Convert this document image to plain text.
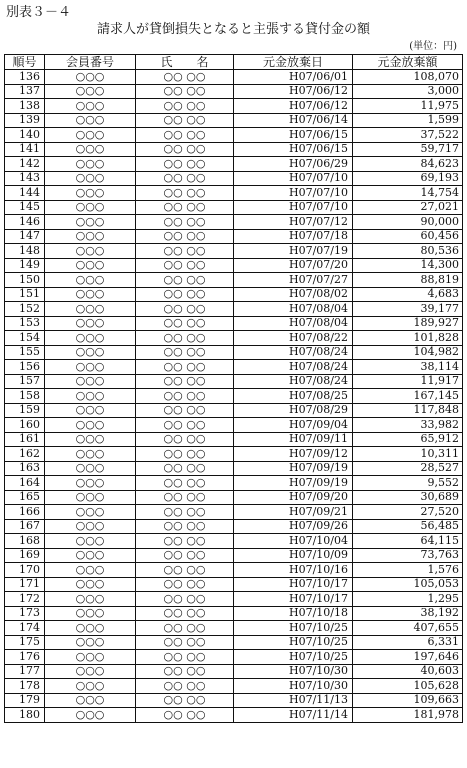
別表３－４
請求人が貸倒損失となると主張する貸付金の額
(単位：円)
順号	会員番号	氏　　名	元金放棄日	元金放棄額
136	○○○	○○ ○○	H07/06/01	108,070
137	○○○	○○ ○○	H07/06/12	3,000
138	○○○	○○ ○○	H07/06/12	11,975
139	○○○	○○ ○○	H07/06/14	1,599
140	○○○	○○ ○○	H07/06/15	37,522
141	○○○	○○ ○○	H07/06/15	59,717
142	○○○	○○ ○○	H07/06/29	84,623
143	○○○	○○ ○○	H07/07/10	69,193
144	○○○	○○ ○○	H07/07/10	14,754
145	○○○	○○ ○○	H07/07/10	27,021
146	○○○	○○ ○○	H07/07/12	90,000
147	○○○	○○ ○○	H07/07/18	60,456
148	○○○	○○ ○○	H07/07/19	80,536
149	○○○	○○ ○○	H07/07/20	14,300
150	○○○	○○ ○○	H07/07/27	88,819
151	○○○	○○ ○○	H07/08/02	4,683
152	○○○	○○ ○○	H07/08/04	39,177
153	○○○	○○ ○○	H07/08/04	189,927
154	○○○	○○ ○○	H07/08/22	101,828
155	○○○	○○ ○○	H07/08/24	104,982
156	○○○	○○ ○○	H07/08/24	38,114
157	○○○	○○ ○○	H07/08/24	11,917
158	○○○	○○ ○○	H07/08/25	167,145
159	○○○	○○ ○○	H07/08/29	117,848
160	○○○	○○ ○○	H07/09/04	33,982
161	○○○	○○ ○○	H07/09/11	65,912
162	○○○	○○ ○○	H07/09/12	10,311
163	○○○	○○ ○○	H07/09/19	28,527
164	○○○	○○ ○○	H07/09/19	9,552
165	○○○	○○ ○○	H07/09/20	30,689
166	○○○	○○ ○○	H07/09/21	27,520
167	○○○	○○ ○○	H07/09/26	56,485
168	○○○	○○ ○○	H07/10/04	64,115
169	○○○	○○ ○○	H07/10/09	73,763
170	○○○	○○ ○○	H07/10/16	1,576
171	○○○	○○ ○○	H07/10/17	105,053
172	○○○	○○ ○○	H07/10/17	1,295
173	○○○	○○ ○○	H07/10/18	38,192
174	○○○	○○ ○○	H07/10/25	407,655
175	○○○	○○ ○○	H07/10/25	6,331
176	○○○	○○ ○○	H07/10/25	197,646
177	○○○	○○ ○○	H07/10/30	40,603
178	○○○	○○ ○○	H07/10/30	105,628
179	○○○	○○ ○○	H07/11/13	109,663
180	○○○	○○ ○○	H07/11/14	181,978
